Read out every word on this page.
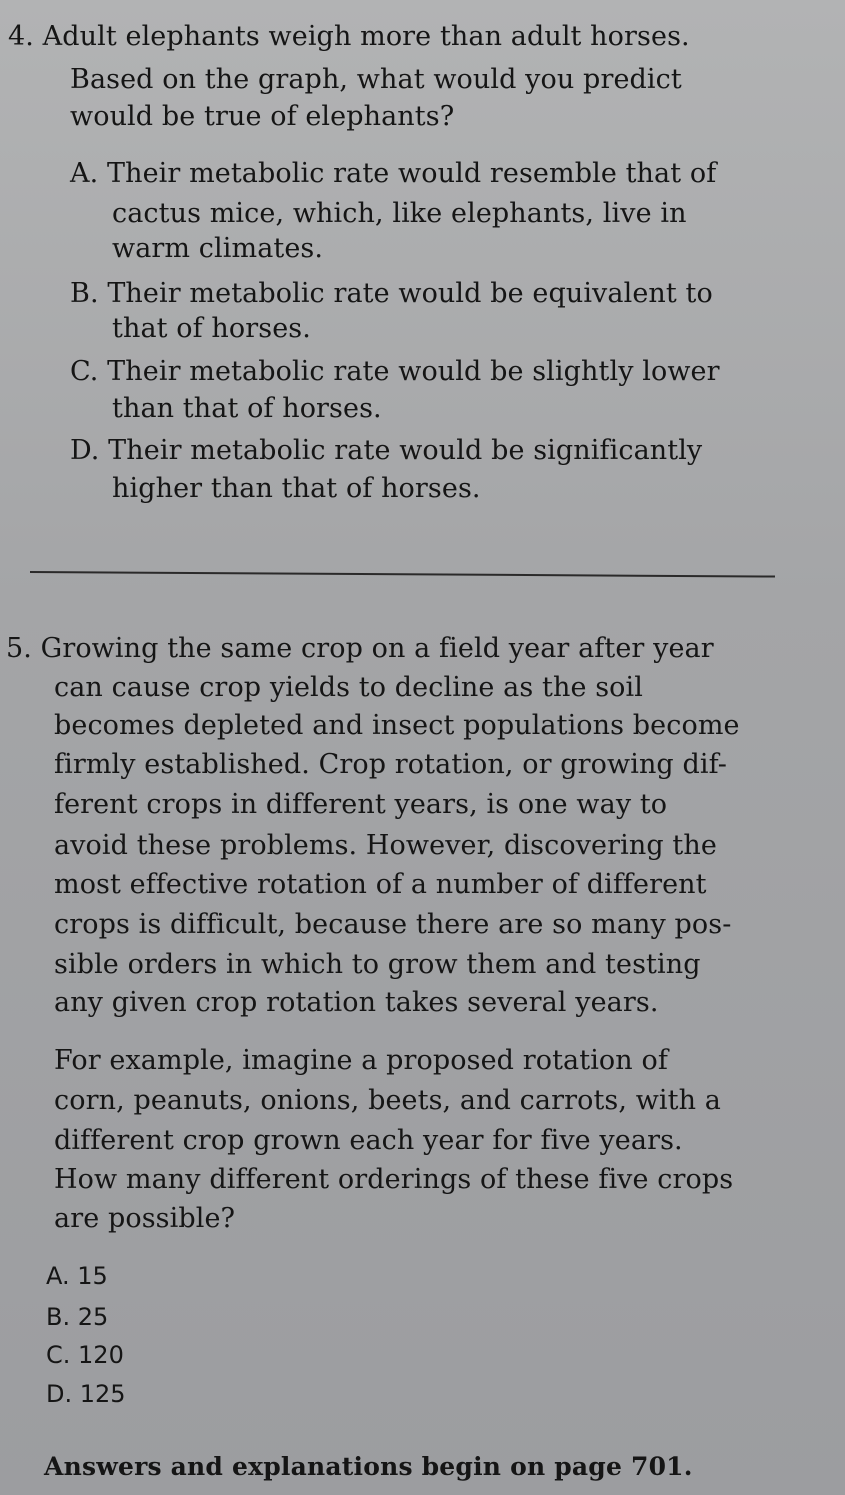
4. Adult elephants weigh more than adult horses.
Based on the graph, what would you predict
would be true of elephants?
A. Their metabolic rate would resemble that of
cactus mice, which, like elephants, live in
warm climates.
B. Their metabolic rate would be equivalent to
that of horses.
C. Their metabolic rate would be slightly lower
than that of horses.
D. Their metabolic rate would be significantly
higher than that of horses.
5. Growing the same crop on a field year after year
can cause crop yields to decline as the soil
becomes depleted and insect populations become
firmly established. Crop rotation, or growing dif-
ferent crops in different years, is one way to
avoid these problems. However, discovering the
most effective rotation of a number of different
crops is difficult, because there are so many pos-
sible orders in which to grow them and testing
any given crop rotation takes several years.
For example, imagine a proposed rotation of
corn, peanuts, onions, beets, and carrots, with a
different crop grown each year for five years.
How many different orderings of these five crops
are possible?
A. 15
B. 25
C. 120
D. 125
Answers and explanations begin on page 701.
